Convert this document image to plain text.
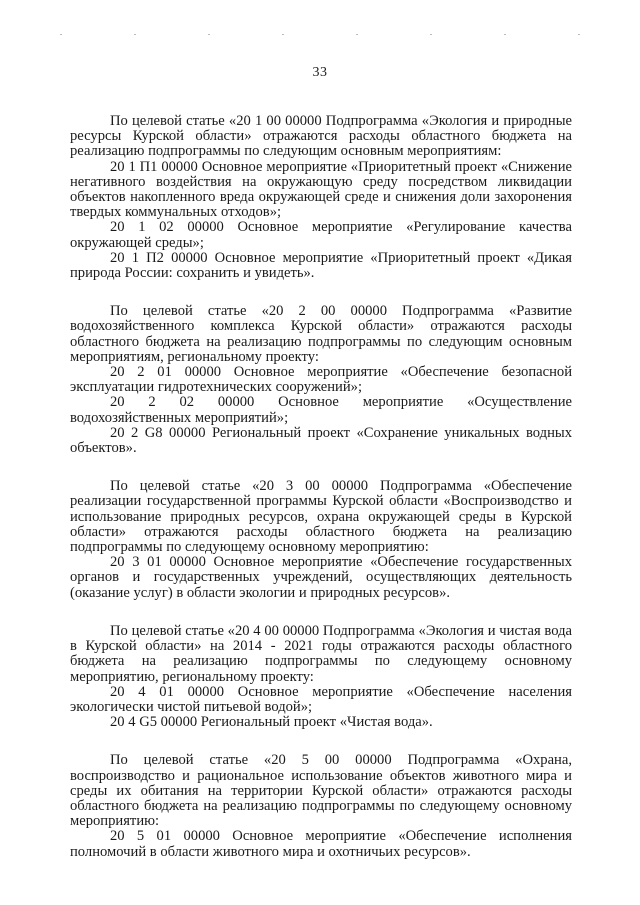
33

По целевой статье «20 1 00 00000 Подпрограмма «Экология и природные ресурсы Курской области» отражаются расходы областного бюджета на реализацию подпрограммы по следующим основным мероприятиям:

20 1 П1 00000 Основное мероприятие «Приоритетный проект «Снижение негативного воздействия на окружающую среду посредством ликвидации объектов накопленного вреда окружающей среде и снижения доли захоронения твердых коммунальных отходов»;

20 1 02 00000 Основное мероприятие «Регулирование качества окружающей среды»;

20 1 П2 00000 Основное мероприятие «Приоритетный проект «Дикая природа России: сохранить и увидеть».

По целевой статье «20 2 00 00000 Подпрограмма «Развитие водохозяйственного комплекса Курской области» отражаются расходы областного бюджета на реализацию подпрограммы по следующим основным мероприятиям, региональному проекту:

20 2 01 00000 Основное мероприятие «Обеспечение безопасной эксплуатации гидротехнических сооружений»;

20 2 02 00000 Основное мероприятие «Осуществление водохозяйственных мероприятий»;

20 2 G8 00000 Региональный проект «Сохранение уникальных водных объектов».

По целевой статье «20 3 00 00000 Подпрограмма «Обеспечение реализации государственной программы Курской области «Воспроизводство и использование природных ресурсов, охрана окружающей среды в Курской области» отражаются расходы областного бюджета на реализацию подпрограммы по следующему основному мероприятию:

20 3 01 00000 Основное мероприятие «Обеспечение государственных органов и государственных учреждений, осуществляющих деятельность (оказание услуг) в области экологии и природных ресурсов».

По целевой статье «20 4 00 00000 Подпрограмма «Экология и чистая вода в Курской области» на 2014 - 2021 годы отражаются расходы областного бюджета на реализацию подпрограммы по следующему основному мероприятию, региональному проекту:

20 4 01 00000 Основное мероприятие «Обеспечение населения экологически чистой питьевой водой»;

20 4 G5 00000 Региональный проект «Чистая вода».

По целевой статье «20 5 00 00000 Подпрограмма «Охрана, воспроизводство и рациональное использование объектов животного мира и среды их обитания на территории Курской области» отражаются расходы областного бюджета на реализацию подпрограммы по следующему основному мероприятию:

20 5 01 00000 Основное мероприятие «Обеспечение исполнения полномочий в области животного мира и охотничьих ресурсов».
